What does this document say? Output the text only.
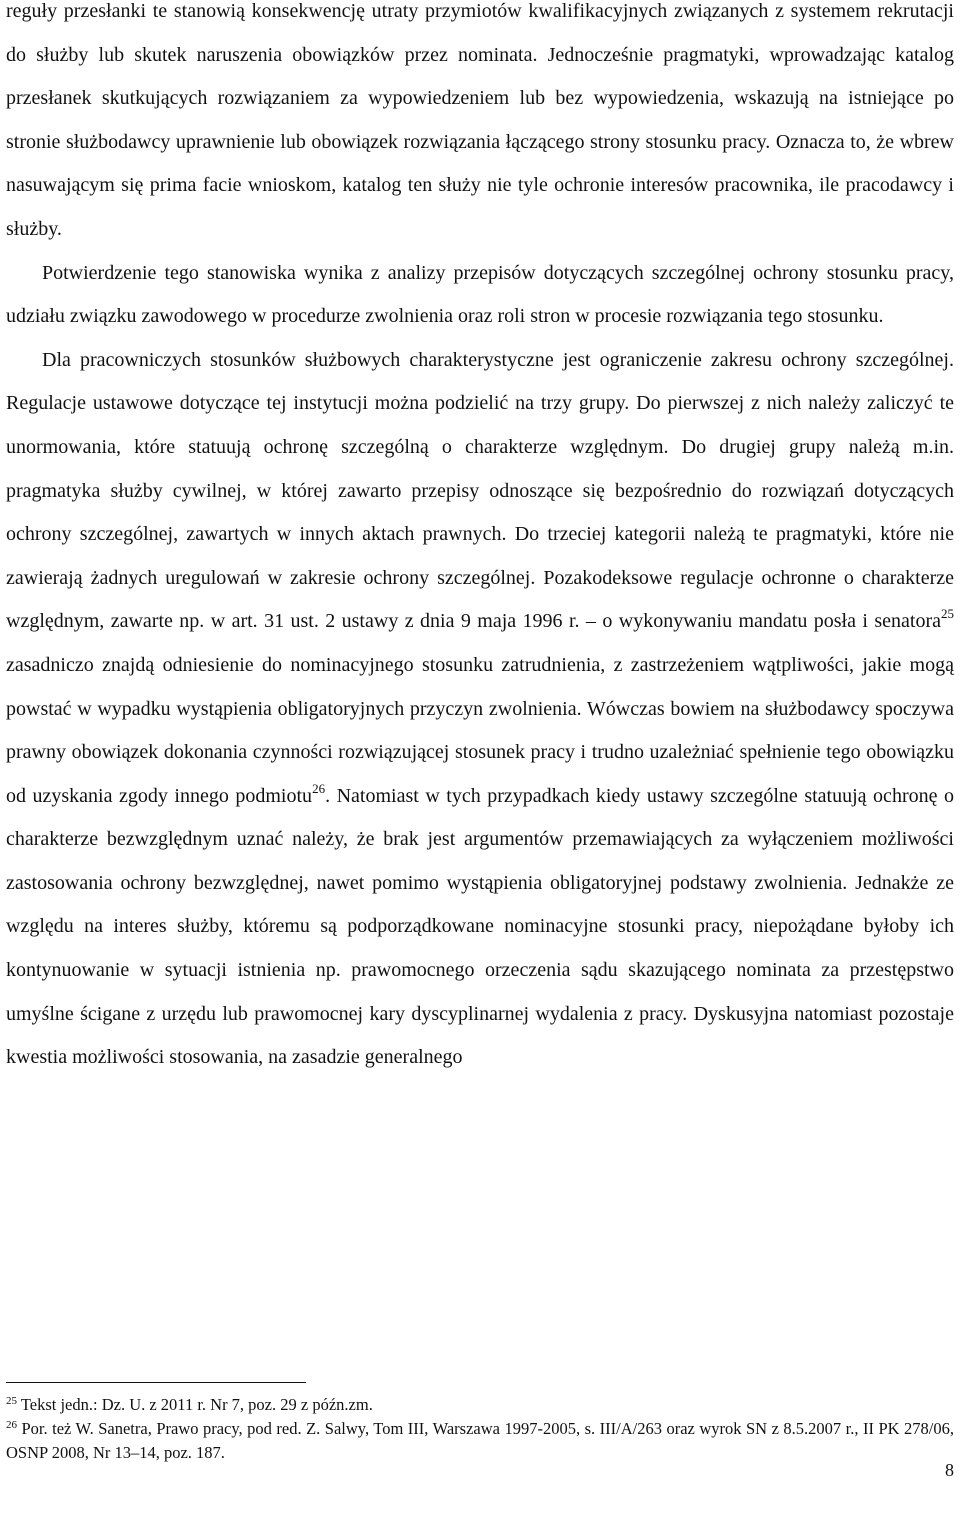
reguły przesłanki te stanowią konsekwencję utraty przymiotów kwalifikacyjnych związanych z systemem rekrutacji do służby lub skutek naruszenia obowiązków przez nominata. Jednocześnie pragmatyki, wprowadzając katalog przesłanek skutkujących rozwiązaniem za wypowiedzeniem lub bez wypowiedzenia, wskazują na istniejące po stronie służbodawcy uprawnienie lub obowiązek rozwiązania łączącego strony stosunku pracy. Oznacza to, że wbrew nasuwającym się prima facie wnioskom, katalog ten służy nie tyle ochronie interesów pracownika, ile pracodawcy i służby.

Potwierdzenie tego stanowiska wynika z analizy przepisów dotyczących szczególnej ochrony stosunku pracy, udziału związku zawodowego w procedurze zwolnienia oraz roli stron w procesie rozwiązania tego stosunku.

Dla pracowniczych stosunków służbowych charakterystyczne jest ograniczenie zakresu ochrony szczególnej. Regulacje ustawowe dotyczące tej instytucji można podzielić na trzy grupy. Do pierwszej z nich należy zaliczyć te unormowania, które statuują ochronę szczególną o charakterze względnym. Do drugiej grupy należą m.in. pragmatyka służby cywilnej, w której zawarto przepisy odnoszące się bezpośrednio do rozwiązań dotyczących ochrony szczególnej, zawartych w innych aktach prawnych. Do trzeciej kategorii należą te pragmatyki, które nie zawierają żadnych uregulowań w zakresie ochrony szczególnej. Pozakodeksowe regulacje ochronne o charakterze względnym, zawarte np. w art. 31 ust. 2 ustawy z dnia 9 maja 1996 r. – o wykonywaniu mandatu posła i senatora$^{25}$ zasadniczo znajdą odniesienie do nominacyjnego stosunku zatrudnienia, z zastrzeżeniem wątpliwości, jakie mogą powstać w wypadku wystąpienia obligatoryjnych przyczyn zwolnienia. Wówczas bowiem na służbodawcy spoczywa prawny obowiązek dokonania czynności rozwiązującej stosunek pracy i trudno uzależniać spełnienie tego obowiązku od uzyskania zgody innego podmiotu$^{26}$. Natomiast w tych przypadkach kiedy ustawy szczególne statuują ochronę o charakterze bezwzględnym uznać należy, że brak jest argumentów przemawiających za wyłączeniem możliwości zastosowania ochrony bezwzględnej, nawet pomimo wystąpienia obligatoryjnej podstawy zwolnienia. Jednakże ze względu na interes służby, któremu są podporządkowane nominacyjne stosunki pracy, niepożądane byłoby ich kontynuowanie w sytuacji istnienia np. prawomocnego orzeczenia sądu skazującego nominata za przestępstwo umyślne ścigane z urzędu lub prawomocnej kary dyscyplinarnej wydalenia z pracy. Dyskusyjna natomiast pozostaje kwestia możliwości stosowania, na zasadzie generalnego

$^{25}$ Tekst jedn.: Dz. U. z 2011 r. Nr 7, poz. 29 z późn.zm.

$^{26}$ Por. też W. Sanetra, Prawo pracy, pod red. Z. Salwy, Tom III, Warszawa 1997-2005, s. III/A/263 oraz wyrok SN z 8.5.2007 r., II PK 278/06, OSNP 2008, Nr 13–14, poz. 187.

8
